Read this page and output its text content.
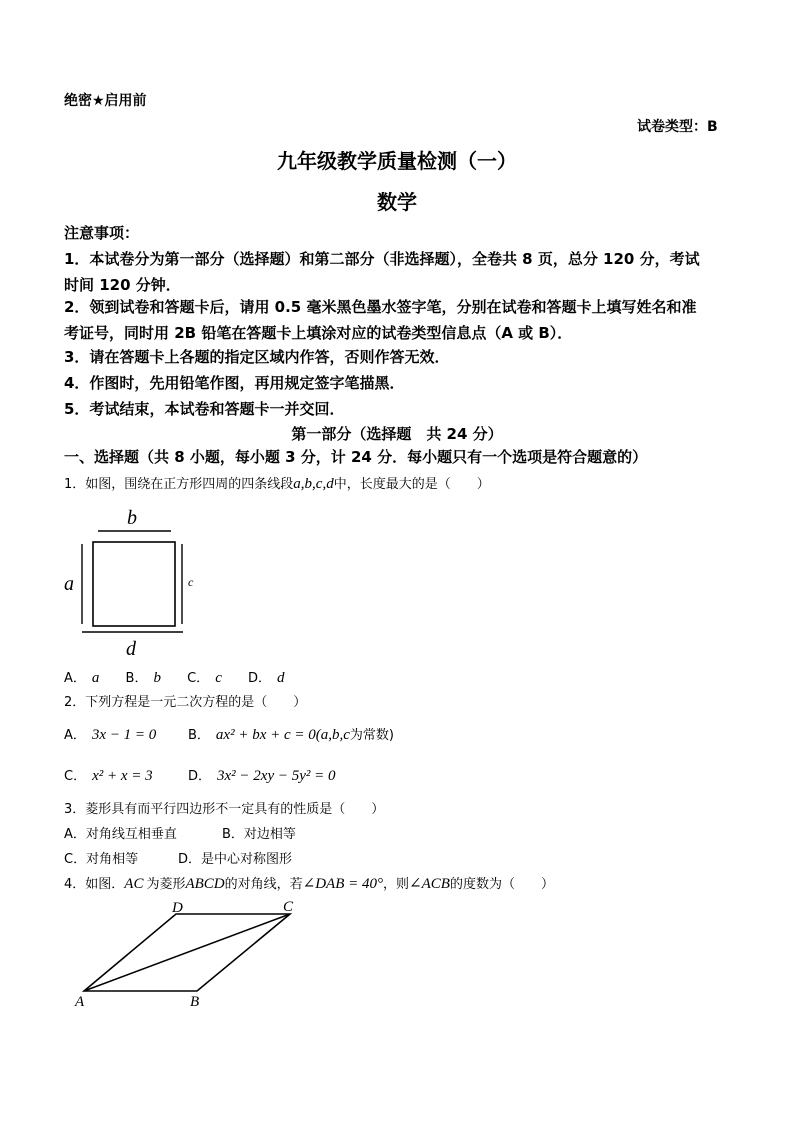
绝密★启用前
试卷类型：B
九年级教学质量检测（一）
数学
注意事项：
1．本试卷分为第一部分（选择题）和第二部分（非选择题），全卷共 8 页，总分 120 分，考试
时间 120 分钟．
2．领到试卷和答题卡后，请用 0.5 毫米黑色墨水签字笔，分别在试卷和答题卡上填写姓名和准
考证号，同时用 2B 铅笔在答题卡上填涂对应的试卷类型信息点（A 或 B）．
3．请在答题卡上各题的指定区域内作答，否则作答无效．
4．作图时，先用铅笔作图，再用规定签字笔描黑．
5．考试结束，本试卷和答题卡一并交回．
第一部分（选择题　共 24 分）
一、选择题（共 8 小题，每小题 3 分，计 24 分．每小题只有一个选项是符合题意的）
1．如图，围绕在正方形四周的四条线段a,b,c,d中，长度最大的是（　　）
b
a	c
d
A． a B． b C． c D． d
2．下列方程是一元二次方程的是（　　）
A． 3x − 1 = 0 B． ax² + bx + c = 0(a,b,c为常数)
C． x² + x = 3	D． 3x² − 2xy − 5y² = 0
3．菱形具有而平行四边形不一定具有的性质是（　　）
A．对角线互相垂直	B．对边相等
C．对角相等	D．是中心对称图形
4．如图．AC 为菱形ABCD的对角线，若∠DAB = 40°，则∠ACB的度数为（　　）
D	C
A	B
